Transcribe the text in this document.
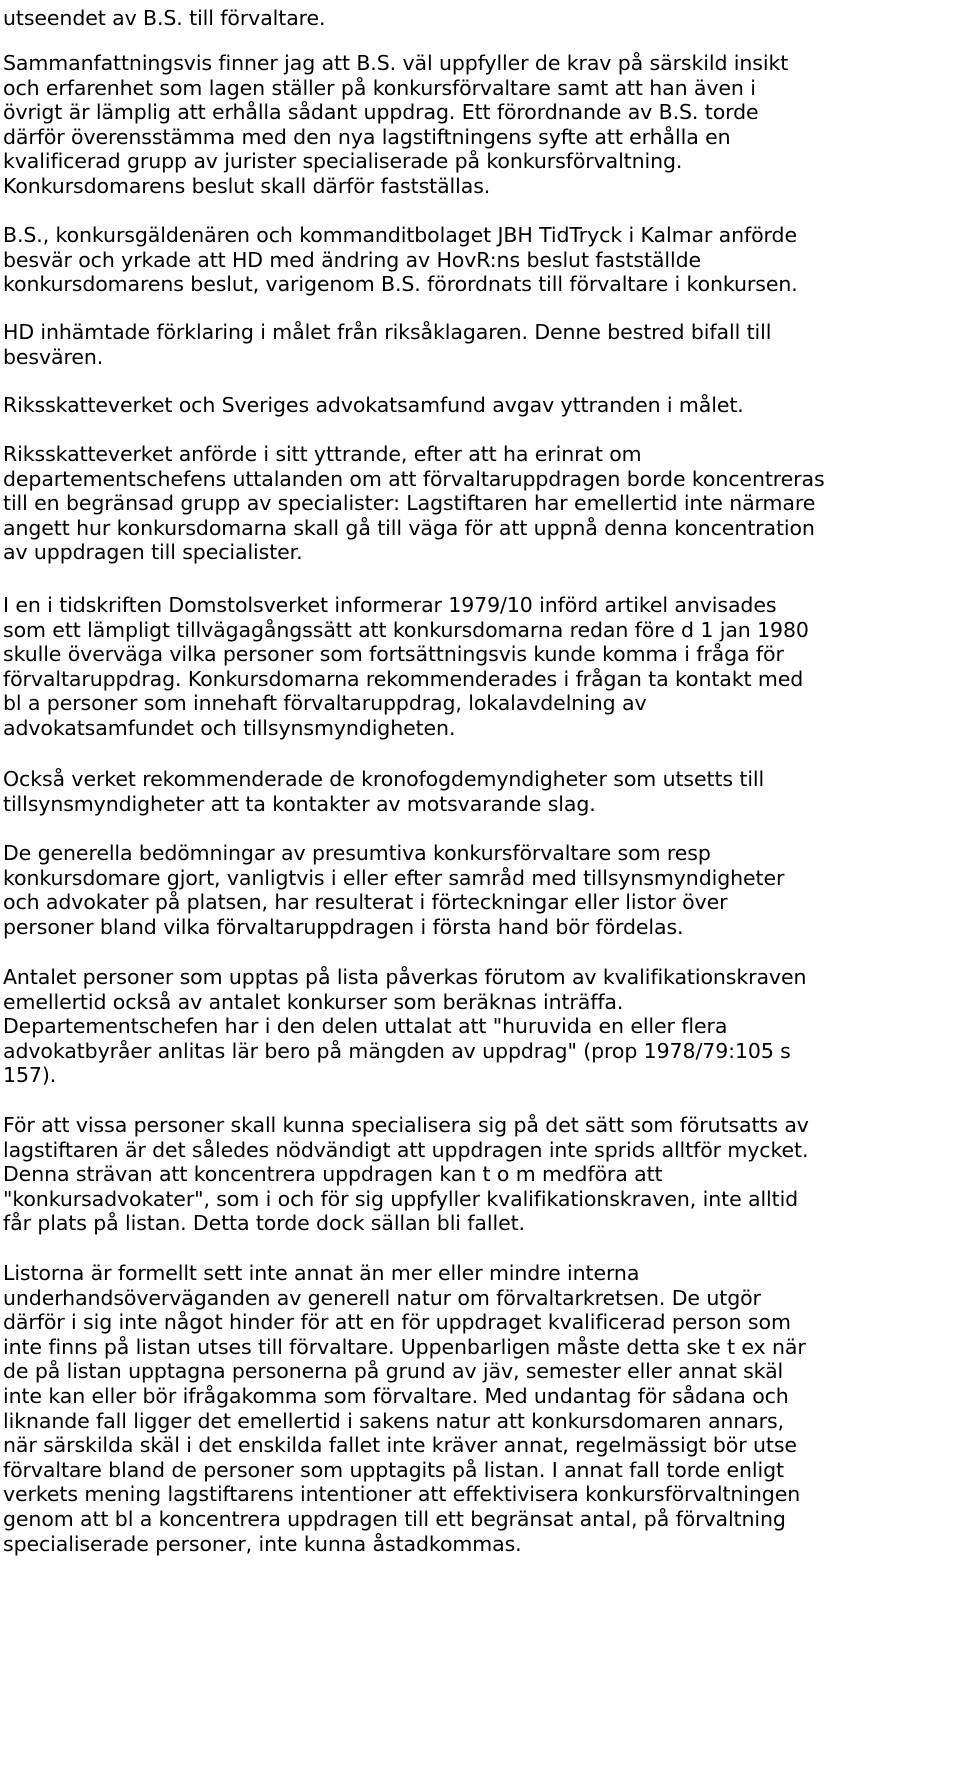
utseendet av B.S. till förvaltare.

Sammanfattningsvis finner jag att B.S. väl uppfyller de krav på särskild insikt

och erfarenhet som lagen ställer på konkursförvaltare samt att han även i

övrigt är lämplig att erhålla sådant uppdrag. Ett förordnande av B.S. torde

därför överensstämma med den nya lagstiftningens syfte att erhålla en

kvalificerad grupp av jurister specialiserade på konkursförvaltning.

Konkursdomarens beslut skall därför fastställas.

B.S., konkursgäldenären och kommanditbolaget JBH TidTryck i Kalmar anförde

besvär och yrkade att HD med ändring av HovR:ns beslut fastställde

konkursdomarens beslut, varigenom B.S. förordnats till förvaltare i konkursen.

HD inhämtade förklaring i målet från riksåklagaren. Denne bestred bifall till

besvären.

Riksskatteverket och Sveriges advokatsamfund avgav yttranden i målet.

Riksskatteverket anförde i sitt yttrande, efter att ha erinrat om

departementschefens uttalanden om att förvaltaruppdragen borde koncentreras

till en begränsad grupp av specialister: Lagstiftaren har emellertid inte närmare

angett hur konkursdomarna skall gå till väga för att uppnå denna koncentration

av uppdragen till specialister.

I en i tidskriften Domstolsverket informerar 1979/10 införd artikel anvisades

som ett lämpligt tillvägagångssätt att konkursdomarna redan före d 1 jan 1980

skulle överväga vilka personer som fortsättningsvis kunde komma i fråga för

förvaltaruppdrag. Konkursdomarna rekommenderades i frågan ta kontakt med

bl a personer som innehaft förvaltaruppdrag, lokalavdelning av

advokatsamfundet och tillsynsmyndigheten.

Också verket rekommenderade de kronofogdemyndigheter som utsetts till

tillsynsmyndigheter att ta kontakter av motsvarande slag.

De generella bedömningar av presumtiva konkursförvaltare som resp

konkursdomare gjort, vanligtvis i eller efter samråd med tillsynsmyndigheter

och advokater på platsen, har resulterat i förteckningar eller listor över

personer bland vilka förvaltaruppdragen i första hand bör fördelas.

Antalet personer som upptas på lista påverkas förutom av kvalifikationskraven

emellertid också av antalet konkurser som beräknas inträffa.

Departementschefen har i den delen uttalat att "huruvida en eller flera

advokatbyråer anlitas lär bero på mängden av uppdrag" (prop 1978/79:105 s

157).

För att vissa personer skall kunna specialisera sig på det sätt som förutsatts av

lagstiftaren är det således nödvändigt att uppdragen inte sprids alltför mycket.

Denna strävan att koncentrera uppdragen kan t o m medföra att

"konkursadvokater", som i och för sig uppfyller kvalifikationskraven, inte alltid

får plats på listan. Detta torde dock sällan bli fallet.

Listorna är formellt sett inte annat än mer eller mindre interna

underhandsöverväganden av generell natur om förvaltarkretsen. De utgör

därför i sig inte något hinder för att en för uppdraget kvalificerad person som

inte finns på listan utses till förvaltare. Uppenbarligen måste detta ske t ex när

de på listan upptagna personerna på grund av jäv, semester eller annat skäl

inte kan eller bör ifrågakomma som förvaltare. Med undantag för sådana och

liknande fall ligger det emellertid i sakens natur att konkursdomaren annars,

när särskilda skäl i det enskilda fallet inte kräver annat, regelmässigt bör utse

förvaltare bland de personer som upptagits på listan. I annat fall torde enligt

verkets mening lagstiftarens intentioner att effektivisera konkursförvaltningen

genom att bl a koncentrera uppdragen till ett begränsat antal, på förvaltning

specialiserade personer, inte kunna åstadkommas.
